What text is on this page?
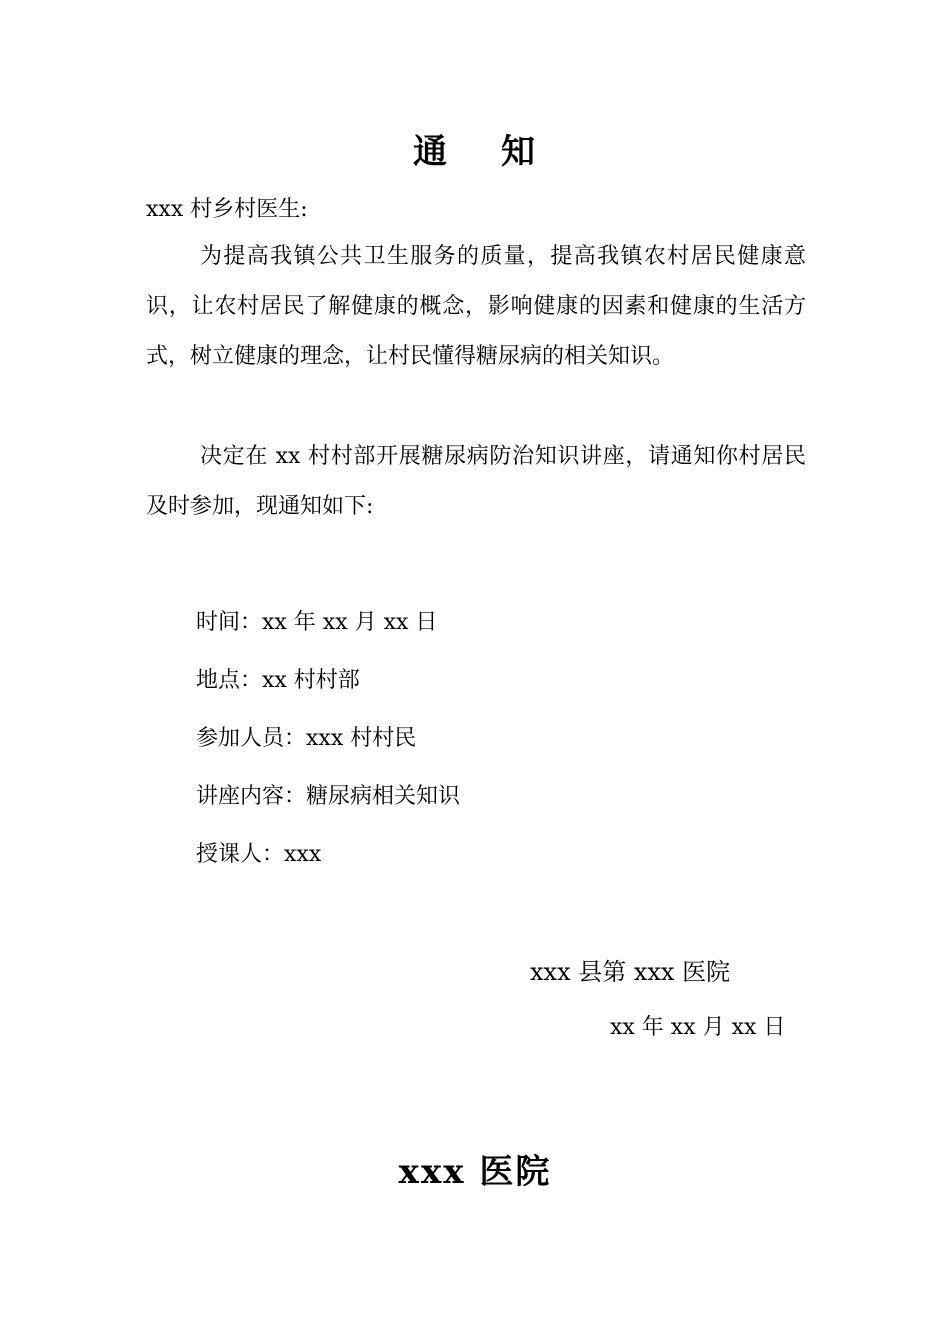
通 知

xxx 村乡村医生:

为提高我镇公共卫生服务的质量，提高我镇农村居民健康意识，让农村居民了解健康的概念，影响健康的因素和健康的生活方式，树立健康的理念，让村民懂得糖尿病的相关知识。

决定在 xx 村村部开展糖尿病防治知识讲座，请通知你村居民及时参加，现通知如下:

时间：xx 年 xx 月 xx 日

地点：xx 村村部

参加人员：xxx 村村民

讲座内容：糖尿病相关知识

授课人：xxx

xxx 县第 xxx 医院

xx 年 xx 月 xx 日

xxx 医院
